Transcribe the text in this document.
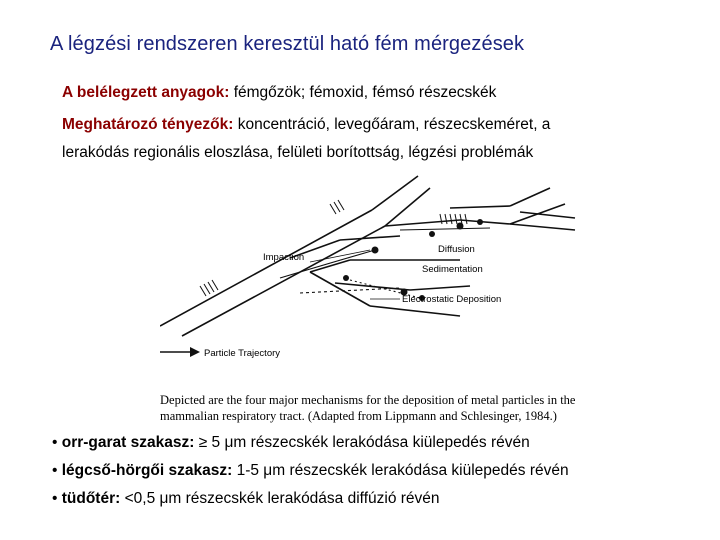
A légzési rendszeren keresztül ható fém mérgezések
A belélegzett anyagok: fémgőzök; fémoxid, fémsó részecskék
Meghatározó tényezők: koncentráció, levegőáram, részecskeméret, a
lerakódás regionális eloszlása, felületi borítottság, légzési problémák
Impaction
Diffusion
Sedimentation
Electrostatic Deposition
Particle Trajectory
Depicted are the four major mechanisms for the deposition of metal particles in the
mammalian respiratory tract. (Adapted from Lippmann and Schlesinger, 1984.)
• orr-garat szakasz: ≥ 5 μm részecskék lerakódása kiülepedés révén
• légcső-hörgői szakasz: 1-5 μm részecskék lerakódása kiülepedés révén
• tüdőtér: <0,5 μm részecskék lerakódása diffúzió révén
